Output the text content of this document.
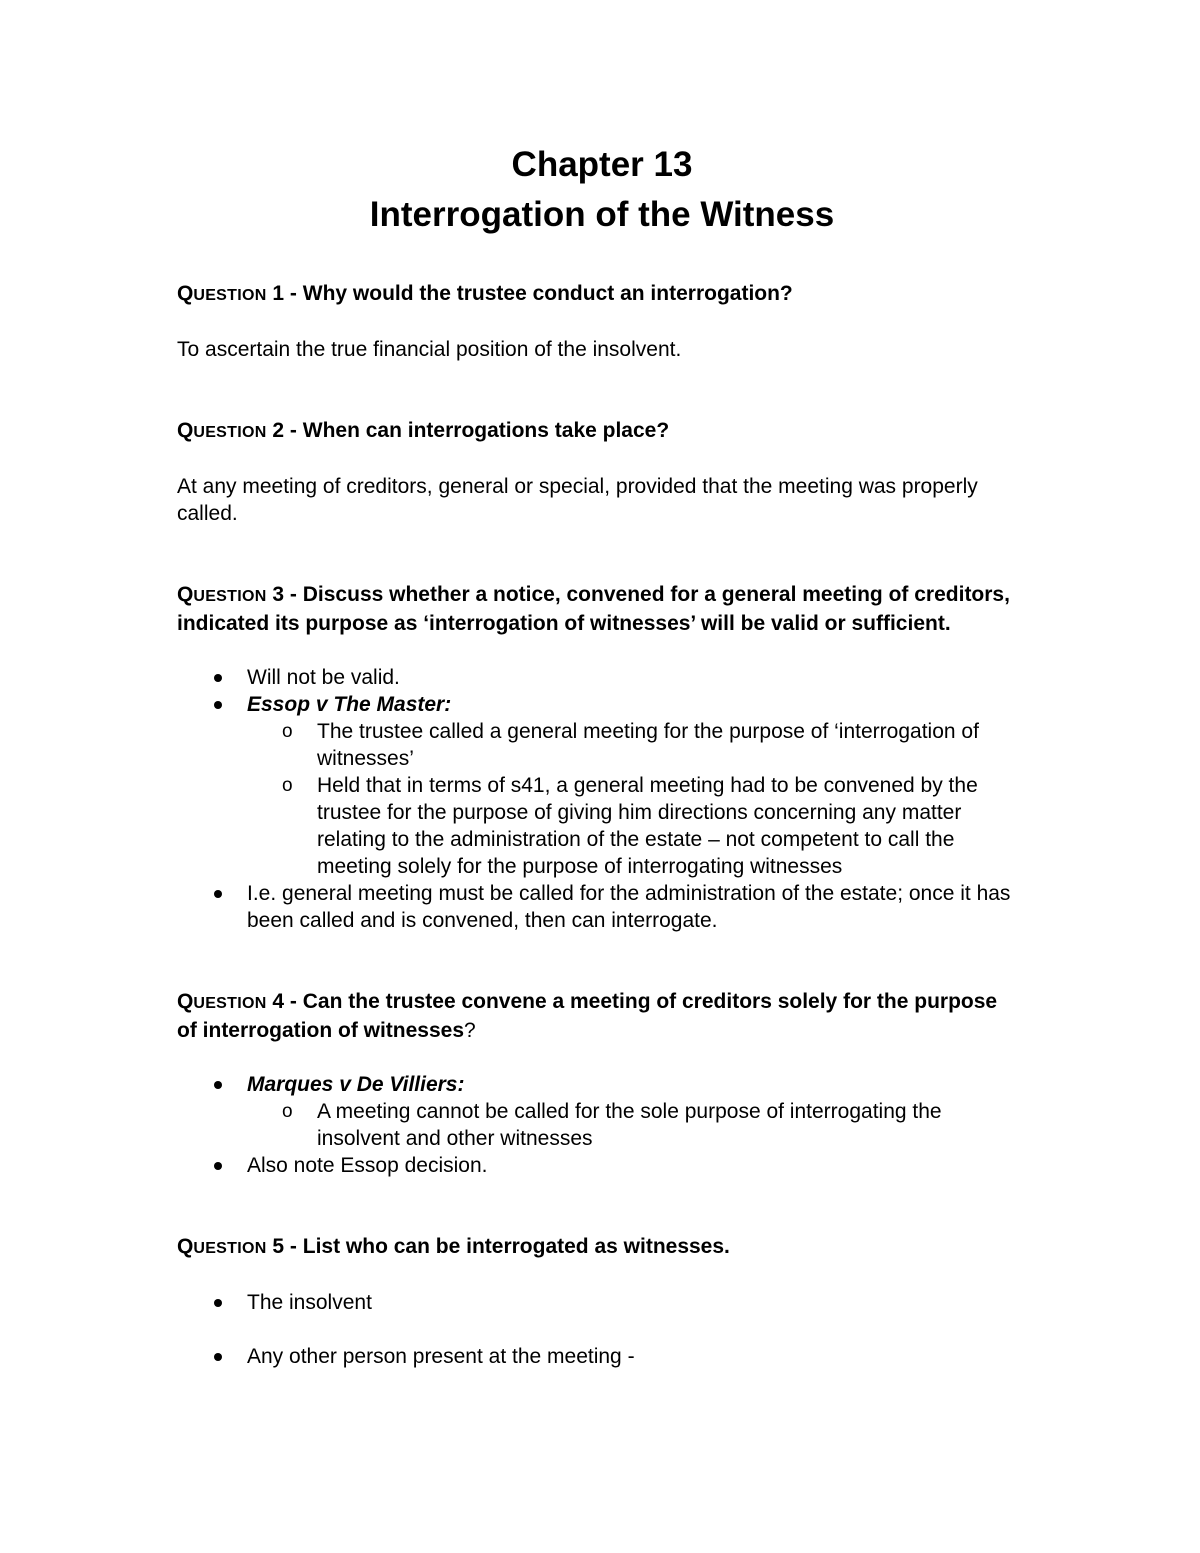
Chapter 13
Interrogation of the Witness

QUESTION 1 - Why would the trustee conduct an interrogation?

To ascertain the true financial position of the insolvent.

QUESTION 2 - When can interrogations take place?

At any meeting of creditors, general or special, provided that the meeting was properly called.

QUESTION 3 - Discuss whether a notice, convened for a general meeting of creditors, indicated its purpose as ‘interrogation of witnesses’ will be valid or sufficient.

Will not be valid.
Essop v The Master:
o The trustee called a general meeting for the purpose of ‘interrogation of witnesses’
o Held that in terms of s41, a general meeting had to be convened by the trustee for the purpose of giving him directions concerning any matter relating to the administration of the estate – not competent to call the meeting solely for the purpose of interrogating witnesses
I.e. general meeting must be called for the administration of the estate; once it has been called and is convened, then can interrogate.

QUESTION 4 - Can the trustee convene a meeting of creditors solely for the purpose of interrogation of witnesses?

Marques v De Villiers:
o A meeting cannot be called for the sole purpose of interrogating the insolvent and other witnesses
Also note Essop decision.

QUESTION 5 - List who can be interrogated as witnesses.

The insolvent
Any other person present at the meeting -
